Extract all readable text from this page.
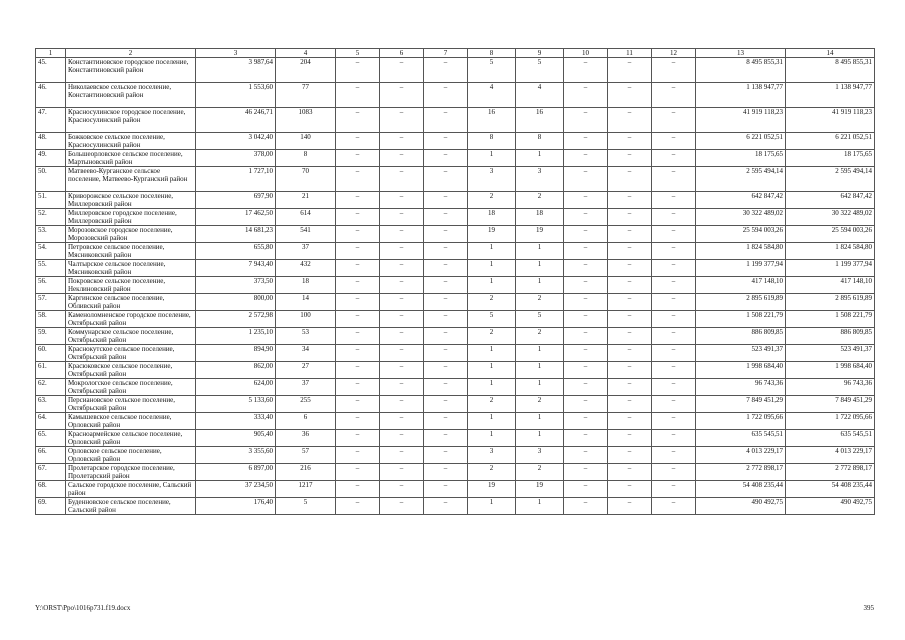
1	2	3	4	5	6	7	8	9	10	11	12	13	14
45.	Константиновское городское поселение, Константиновский район	3 987,64	204	–	–	–	5	5	–	–	–	8 495 855,31	8 495 855,31
46.	Николаевское сельское поселение, Константиновский район	1 553,60	77	–	–	–	4	4	–	–	–	1 138 947,77	1 138 947,77
47.	Красносулинское городское поселение, Красносулинский район	46 246,71	1083	–	–	–	16	16	–	–	–	41 919 118,23	41 919 118,23
48.	Божковское сельское поселение, Красносулинский район	3 042,40	140	–	–	–	8	8	–	–	–	6 221 052,51	6 221 052,51
49.	Большеорловское сельское поселение, Мартыновский район	378,00	8	–	–	–	1	1	–	–	–	18 175,65	18 175,65
50.	Матвеево-Курганское сельское поселение, Матвеево-Курганский район	1 727,10	70	–	–	–	3	3	–	–	–	2 595 494,14	2 595 494,14
51.	Криворожское сельское поселение, Миллеровский район	697,90	21	–	–	–	2	2	–	–	–	642 847,42	642 847,42
52.	Миллеровское городское поселение, Миллеровский район	17 462,50	614	–	–	–	18	18	–	–	–	30 322 489,02	30 322 489,02
53.	Морозовское городское поселение, Морозовский район	14 681,23	541	–	–	–	19	19	–	–	–	25 594 003,26	25 594 003,26
54.	Петровское сельское поселение, Мясниковский район	655,80	37	–	–	–	1	1	–	–	–	1 824 584,80	1 824 584,80
55.	Чалтырское сельское поселение, Мясниковский район	7 943,40	432	–	–	–	1	1	–	–	–	1 199 377,94	1 199 377,94
56.	Покровское сельское поселение, Неклиновский район	373,50	18	–	–	–	1	1	–	–	–	417 148,10	417 148,10
57.	Каргинское сельское поселение, Обливский район	800,00	14	–	–	–	2	2	–	–	–	2 895 619,89	2 895 619,89
58.	Каменоломненское городское поселение, Октябрьский район	2 572,98	100	–	–	–	5	5	–	–	–	1 508 221,79	1 508 221,79
59.	Коммунарское сельское поселение, Октябрьский район	1 235,10	53	–	–	–	2	2	–	–	–	886 809,85	886 809,85
60.	Краснокутское сельское поселение, Октябрьский район	894,90	34	–	–	–	1	1	–	–	–	523 491,37	523 491,37
61.	Красюковское сельское поселение, Октябрьский район	862,00	27	–	–	–	1	1	–	–	–	1 998 684,40	1 998 684,40
62.	Мокрологское сельское поселение, Октябрьский район	624,00	37	–	–	–	1	1	–	–	–	96 743,36	96 743,36
63.	Персиановское сельское поселение, Октябрьский район	5 133,60	255	–	–	–	2	2	–	–	–	7 849 451,29	7 849 451,29
64.	Камышевское сельское поселение, Орловский район	333,40	6	–	–	–	1	1	–	–	–	1 722 095,66	1 722 095,66
65.	Красноармейское сельское поселение, Орловский район	905,40	36	–	–	–	1	1	–	–	–	635 545,51	635 545,51
66.	Орловское сельское поселение, Орловский район	3 355,60	57	–	–	–	3	3	–	–	–	4 013 229,17	4 013 229,17
67.	Пролетарское городское поселение, Пролетарский район	6 897,00	216	–	–	–	2	2	–	–	–	2 772 898,17	2 772 898,17
68.	Сальское городское поселение, Сальский район	37 234,50	1217	–	–	–	19	19	–	–	–	54 408 235,44	54 408 235,44
69.	Буденновское сельское поселение, Сальский район	176,40	5	–	–	–	1	1	–	–	–	490 492,75	490 492,75
Y:\ORST\Ppo\1016p731.f19.docx	395
